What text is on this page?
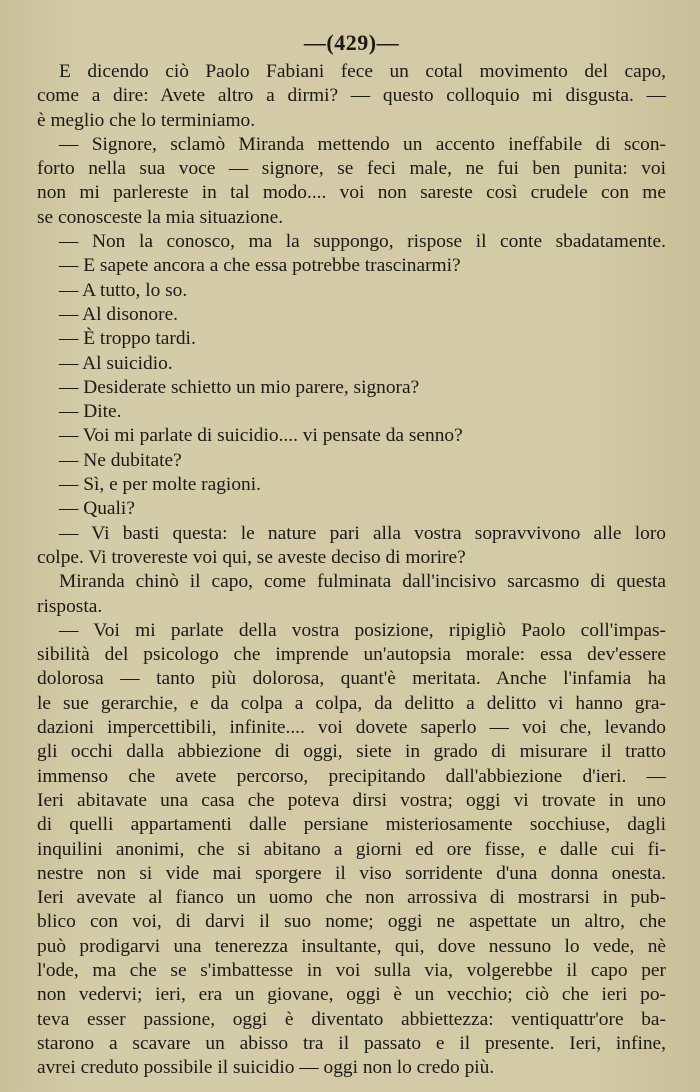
—(429)—
E dicendo ciò Paolo Fabiani fece un cotal movimento del capo,
come a dire: Avete altro a dirmi? — questo colloquio mi disgusta. —
è meglio che lo terminiamo.
— Signore, sclamò Miranda mettendo un accento ineffabile di scon-
forto nella sua voce — signore, se feci male, ne fui ben punita: voi
non mi parlereste in tal modo.... voi non sareste così crudele con me
se conosceste la mia situazione.
— Non la conosco, ma la suppongo, rispose il conte sbadatamente.
— E sapete ancora a che essa potrebbe trascinarmi?
— A tutto, lo so.
— Al disonore.
— È troppo tardi.
— Al suicidio.
— Desiderate schietto un mio parere, signora?
— Dite.
— Voi mi parlate di suicidio.... vi pensate da senno?
— Ne dubitate?
— Sì, e per molte ragioni.
— Quali?
— Vi basti questa: le nature pari alla vostra sopravvivono alle loro
colpe. Vi trovereste voi qui, se aveste deciso di morire?
Miranda chinò il capo, come fulminata dall'incisivo sarcasmo di questa
risposta.
— Voi mi parlate della vostra posizione, ripigliò Paolo coll'impas-
sibilità del psicologo che imprende un'autopsia morale: essa dev'essere
dolorosa — tanto più dolorosa, quant'è meritata. Anche l'infamia ha
le sue gerarchie, e da colpa a colpa, da delitto a delitto vi hanno gra-
dazioni impercettibili, infinite.... voi dovete saperlo — voi che, levando
gli occhi dalla abbiezione di oggi, siete in grado di misurare il tratto
immenso che avete percorso, precipitando dall'abbiezione d'ieri. —
Ieri abitavate una casa che poteva dirsi vostra; oggi vi trovate in uno
di quelli appartamenti dalle persiane misteriosamente socchiuse, dagli
inquilini anonimi, che si abitano a giorni ed ore fisse, e dalle cui fi-
nestre non si vide mai sporgere il viso sorridente d'una donna onesta.
Ieri avevate al fianco un uomo che non arrossiva di mostrarsi in pub-
blico con voi, di darvi il suo nome; oggi ne aspettate un altro, che
può prodigarvi una tenerezza insultante, qui, dove nessuno lo vede, nè
l'ode, ma che se s'imbattesse in voi sulla via, volgerebbe il capo per
non vedervi; ieri, era un giovane, oggi è un vecchio; ciò che ieri po-
teva esser passione, oggi è diventato abbiettezza: ventiquattr'ore ba-
starono a scavare un abisso tra il passato e il presente. Ieri, infine,
avrei creduto possibile il suicidio — oggi non lo credo più.
